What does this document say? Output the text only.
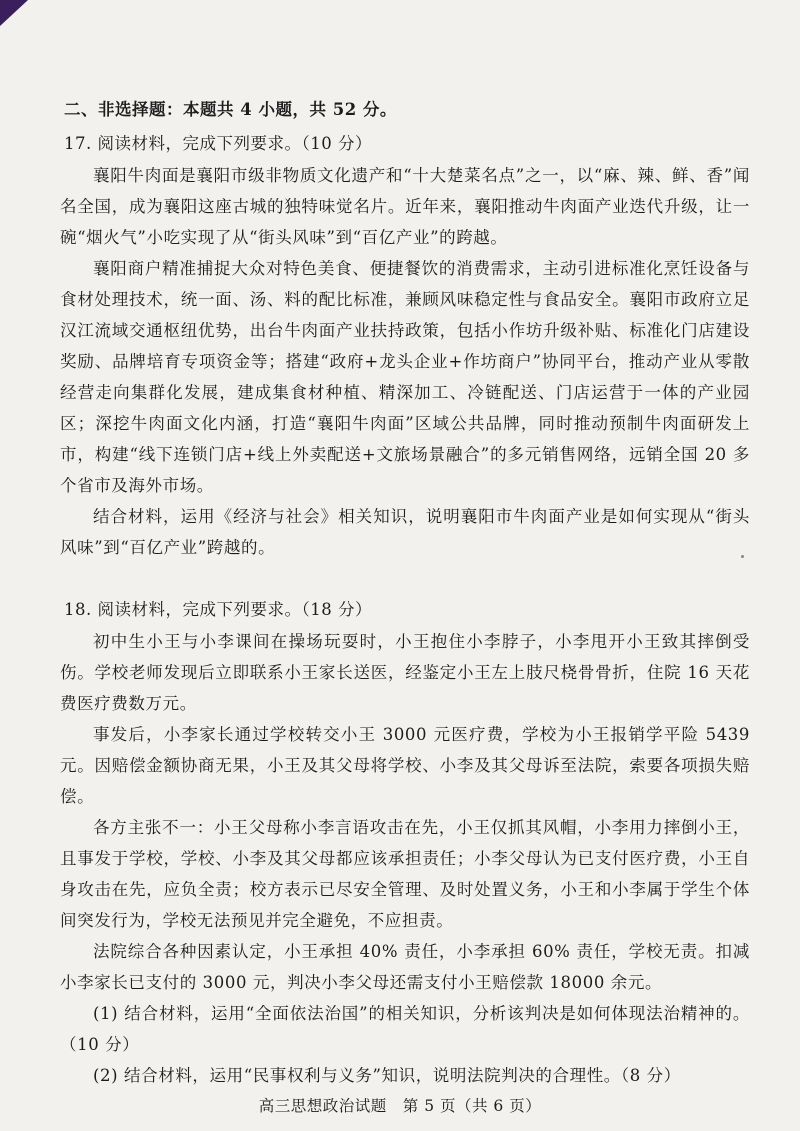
二、非选择题：本题共 4 小题，共 52 分。
17. 阅读材料，完成下列要求。（10 分）

襄阳牛肉面是襄阳市级非物质文化遗产和“十大楚菜名点”之一，以“麻、辣、鲜、香”闻名全国，成为襄阳这座古城的独特味觉名片。近年来，襄阳推动牛肉面产业迭代升级，让一碗“烟火气”小吃实现了从“街头风味”到“百亿产业”的跨越。

襄阳商户精准捕捉大众对特色美食、便捷餐饮的消费需求，主动引进标准化烹饪设备与食材处理技术，统一面、汤、料的配比标准，兼顾风味稳定性与食品安全。襄阳市政府立足汉江流域交通枢纽优势，出台牛肉面产业扶持政策，包括小作坊升级补贴、标准化门店建设奖励、品牌培育专项资金等；搭建“政府+龙头企业+作坊商户”协同平台，推动产业从零散经营走向集群化发展，建成集食材种植、精深加工、冷链配送、门店运营于一体的产业园区；深挖牛肉面文化内涵，打造“襄阳牛肉面”区域公共品牌，同时推动预制牛肉面研发上市，构建“线下连锁门店+线上外卖配送+文旅场景融合”的多元销售网络，远销全国 20 多个省市及海外市场。

结合材料，运用《经济与社会》相关知识，说明襄阳市牛肉面产业是如何实现从“街头风味”到“百亿产业”跨越的。

18. 阅读材料，完成下列要求。（18 分）

初中生小王与小李课间在操场玩耍时，小王抱住小李脖子，小李甩开小王致其摔倒受伤。学校老师发现后立即联系小王家长送医，经鉴定小王左上肢尺桡骨骨折，住院 16 天花费医疗费数万元。

事发后，小李家长通过学校转交小王 3000 元医疗费，学校为小王报销学平险 5439 元。因赔偿金额协商无果，小王及其父母将学校、小李及其父母诉至法院，索要各项损失赔偿。

各方主张不一：小王父母称小李言语攻击在先，小王仅抓其风帽，小李用力摔倒小王，且事发于学校，学校、小李及其父母都应该承担责任；小李父母认为已支付医疗费，小王自身攻击在先，应负全责；校方表示已尽安全管理、及时处置义务，小王和小李属于学生个体间突发行为，学校无法预见并完全避免，不应担责。

法院综合各种因素认定，小王承担 40% 责任，小李承担 60% 责任，学校无责。扣减小李家长已支付的 3000 元，判决小李父母还需支付小王赔偿款 18000 余元。

(1) 结合材料，运用“全面依法治国”的相关知识，分析该判决是如何体现法治精神的。（10 分）

(2) 结合材料，运用“民事权利与义务”知识，说明法院判决的合理性。（8 分）

高三思想政治试题　第 5 页（共 6 页）
